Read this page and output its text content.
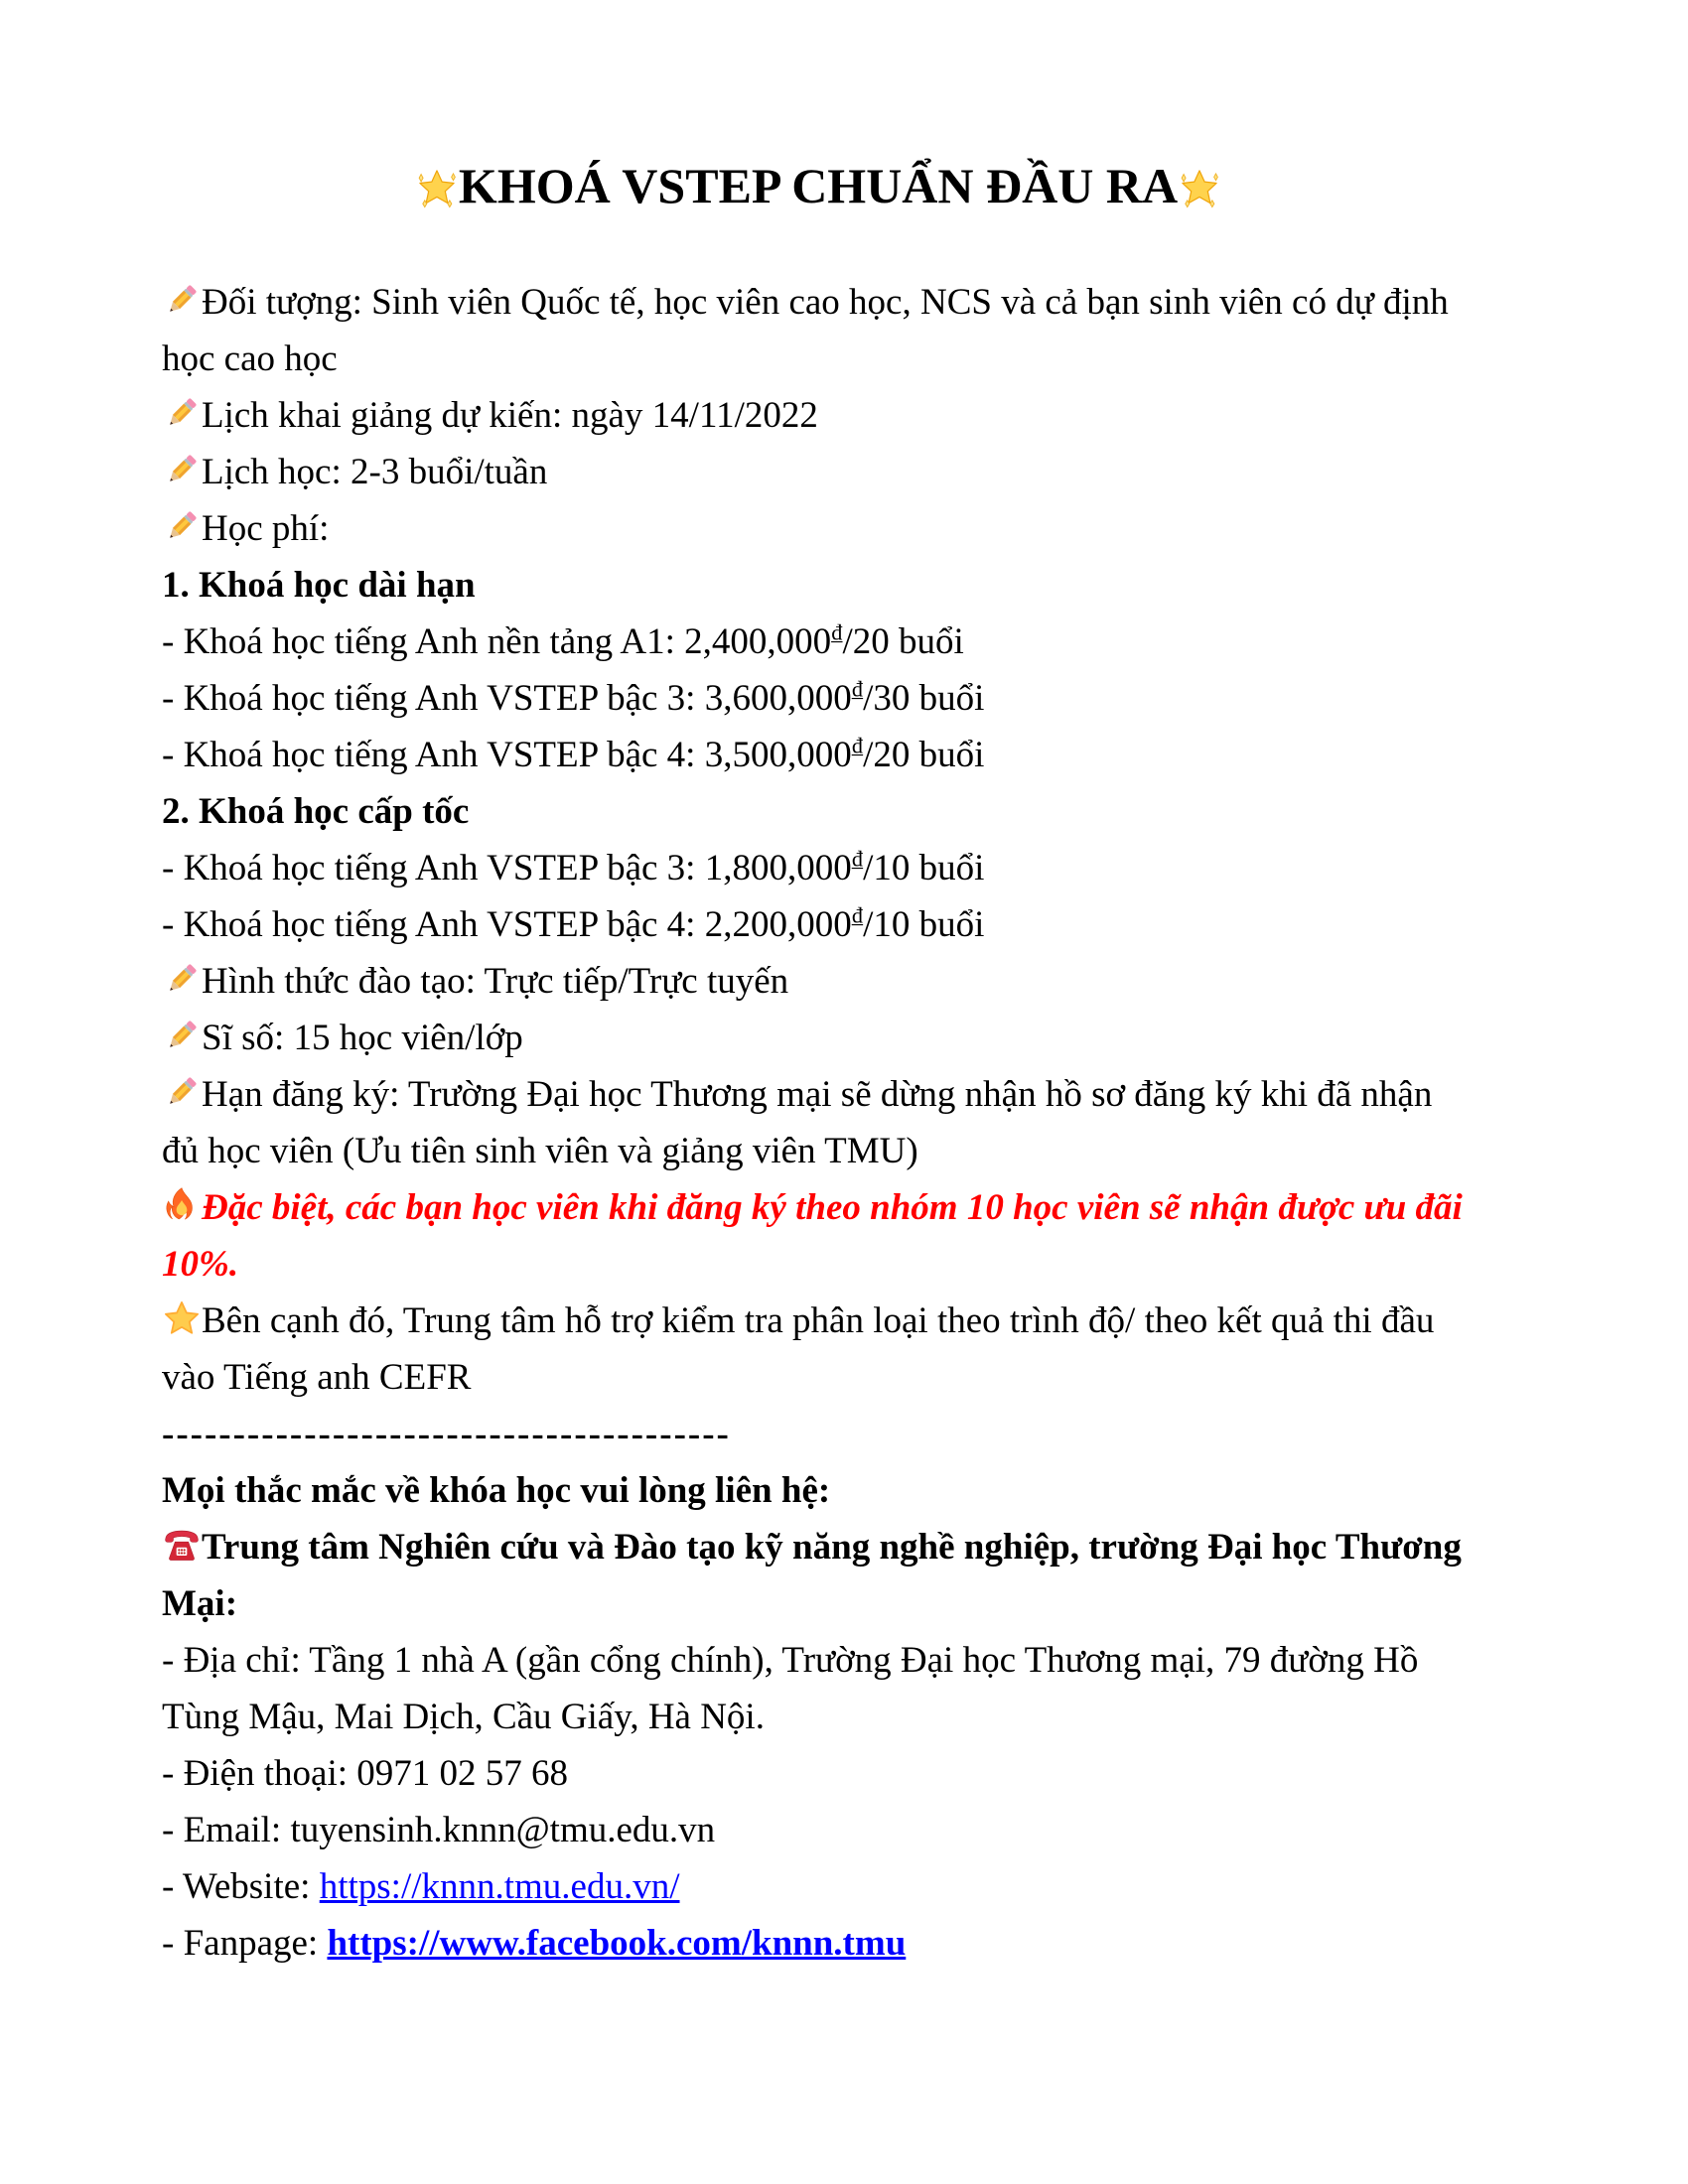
KHOÁ VSTEP CHUẨN ĐẦU RA

Đối tượng: Sinh viên Quốc tế, học viên cao học, NCS và cả bạn sinh viên có dự định học cao học

Lịch khai giảng dự kiến: ngày 14/11/2022

Lịch học: 2-3 buổi/tuần

Học phí:

1. Khoá học dài hạn

- Khoá học tiếng Anh nền tảng A1: 2,400,000₫/20 buổi

- Khoá học tiếng Anh VSTEP bậc 3: 3,600,000₫/30 buổi

- Khoá học tiếng Anh VSTEP bậc 4: 3,500,000₫/20 buổi

2. Khoá học cấp tốc

- Khoá học tiếng Anh VSTEP bậc 3: 1,800,000₫/10 buổi

- Khoá học tiếng Anh VSTEP bậc 4: 2,200,000₫/10 buổi

Hình thức đào tạo: Trực tiếp/Trực tuyến

Sĩ số: 15 học viên/lớp

Hạn đăng ký: Trường Đại học Thương mại sẽ dừng nhận hồ sơ đăng ký khi đã nhận đủ học viên (Ưu tiên sinh viên và giảng viên TMU)

Đặc biệt, các bạn học viên khi đăng ký theo nhóm 10 học viên sẽ nhận được ưu đãi 10%.

Bên cạnh đó, Trung tâm hỗ trợ kiểm tra phân loại theo trình độ/ theo kết quả thi đầu vào Tiếng anh CEFR

----------------------------------------

Mọi thắc mắc về khóa học vui lòng liên hệ:

Trung tâm Nghiên cứu và Đào tạo kỹ năng nghề nghiệp, trường Đại học Thương Mại:

- Địa chỉ: Tầng 1 nhà A (gần cổng chính), Trường Đại học Thương mại, 79 đường Hồ Tùng Mậu, Mai Dịch, Cầu Giấy, Hà Nội.

- Điện thoại: 0971 02 57 68

- Email: tuyensinh.knnn@tmu.edu.vn

- Website: https://knnn.tmu.edu.vn/

- Fanpage: https://www.facebook.com/knnn.tmu
